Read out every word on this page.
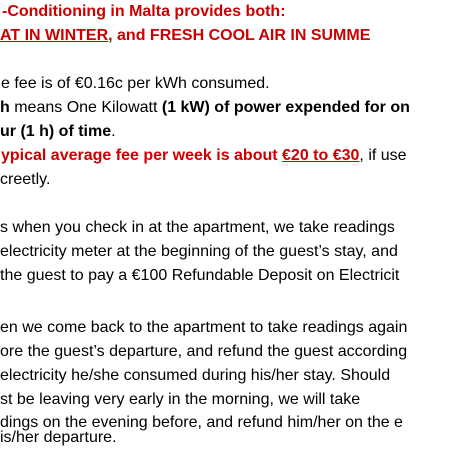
-Conditioning in Malta provides both:

AT IN WINTER, and FRESH COOL AIR IN SUMME

e fee is of €0.16c per kWh consumed.

h means One Kilowatt (1 kW) of power expended for on

ur (1 h) of time.

ypical average fee per week is about €20 to €30, if use

creetly.

s when you check in at the apartment, we take readings

electricity meter at the beginning of the guest’s stay, and

the guest to pay a €100 Refundable Deposit on Electricit

en we come back to the apartment to take readings again

ore the guest’s departure, and refund the guest according

electricity he/she consumed during his/her stay. Should

st be leaving very early in the morning, we will take

dings on the evening before, and refund him/her on the e

is/her departure.
